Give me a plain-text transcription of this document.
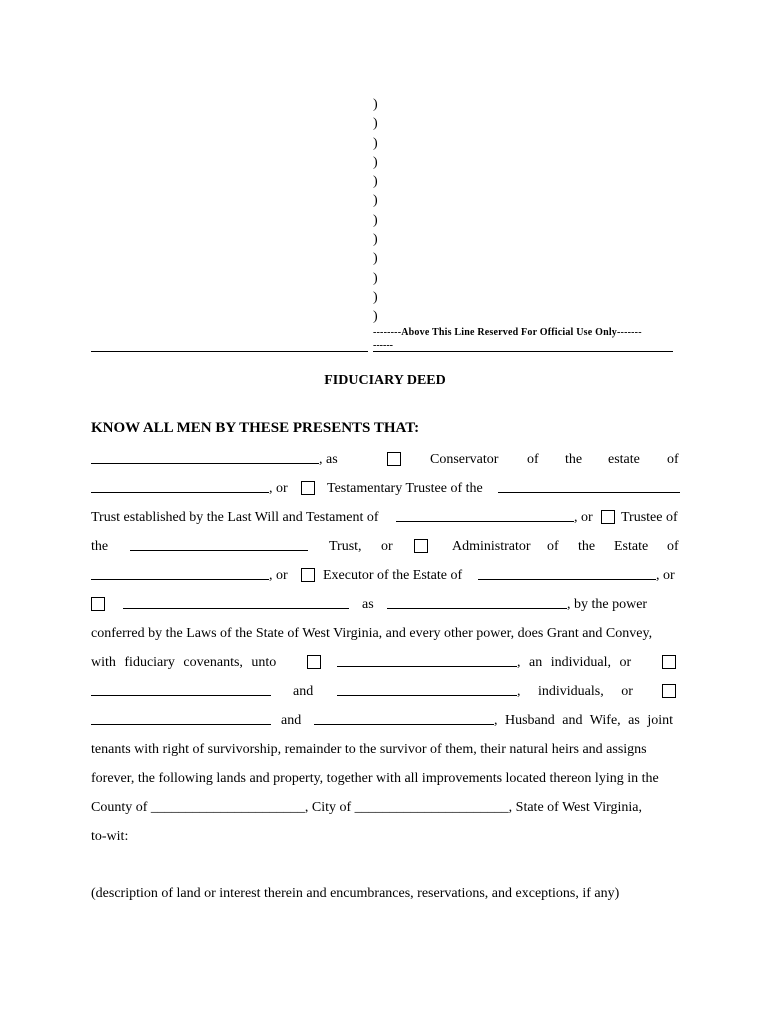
)
)
)
)
)
)
)
)
)
)
)
)
--------Above This Line Reserved For Official Use Only-------
------
FIDUCIARY DEED
KNOW ALL MEN BY THESE PRESENTS THAT:
, as	Conservator of the estate of
, or	Testamentary Trustee of the
Trust established by the Last Will and Testament of	, or Trustee of
the	Trust, or	Administrator of the Estate of
, or	Executor of the Estate of	, or
as	, by the power
conferred by the Laws of the State of West Virginia, and every other power, does Grant and Convey,
with fiduciary covenants, unto	, an individual, or
and	, individuals, or
and	, Husband and Wife, as joint
tenants with right of survivorship, remainder to the survivor of them, their natural heirs and assigns
forever, the following lands and property, together with all improvements located thereon lying in the
County of ______________________, City of ______________________, State of West Virginia,
to-wit:
(description of land or interest therein and encumbrances, reservations, and exceptions, if any)
